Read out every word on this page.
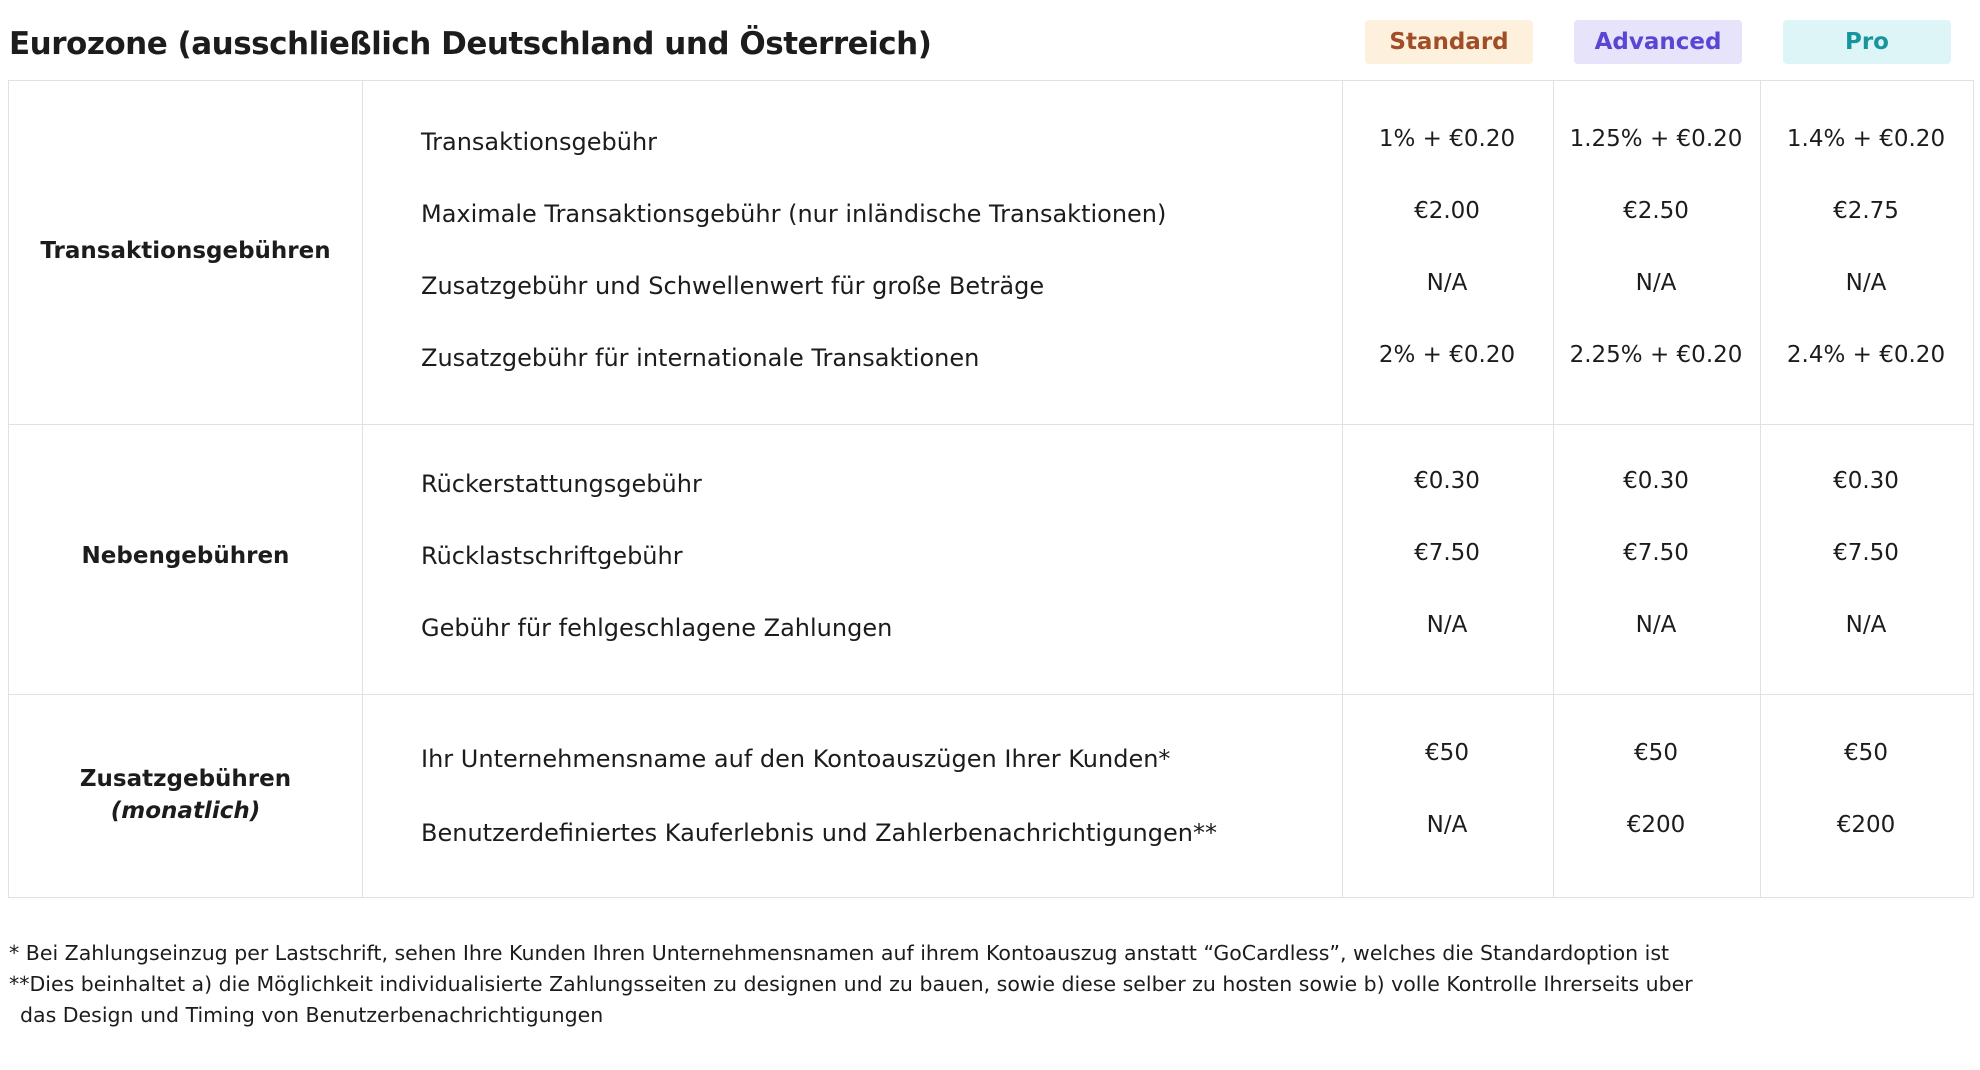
Eurozone (ausschließlich Deutschland und Österreich)	Standard	Advanced	Pro
Transaktionsgebühren
Transaktionsgebühr	1% + €0.20	1.25% + €0.20	1.4% + €0.20
Maximale Transaktionsgebühr (nur inländische Transaktionen)	€2.00	€2.50	€2.75
Zusatzgebühr und Schwellenwert für große Beträge	N/A	N/A	N/A
Zusatzgebühr für internationale Transaktionen	2% + €0.20	2.25% + €0.20	2.4% + €0.20
Nebengebühren
Rückerstattungsgebühr	€0.30	€0.30	€0.30
Rücklastschriftgebühr	€7.50	€7.50	€7.50
Gebühr für fehlgeschlagene Zahlungen	N/A	N/A	N/A
Zusatzgebühren
(monatlich)
Ihr Unternehmensname auf den Kontoauszügen Ihrer Kunden*	€50	€50	€50
Benutzerdefiniertes Kauferlebnis und Zahlerbenachrichtigungen**	N/A	€200	€200
* Bei Zahlungseinzug per Lastschrift, sehen Ihre Kunden Ihren Unternehmensnamen auf ihrem Kontoauszug anstatt “GoCardless”, welches die Standardoption ist
**Dies beinhaltet a) die Möglichkeit individualisierte Zahlungsseiten zu designen und zu bauen, sowie diese selber zu hosten sowie b) volle Kontrolle Ihrerseits uber
das Design und Timing von Benutzerbenachrichtigungen
